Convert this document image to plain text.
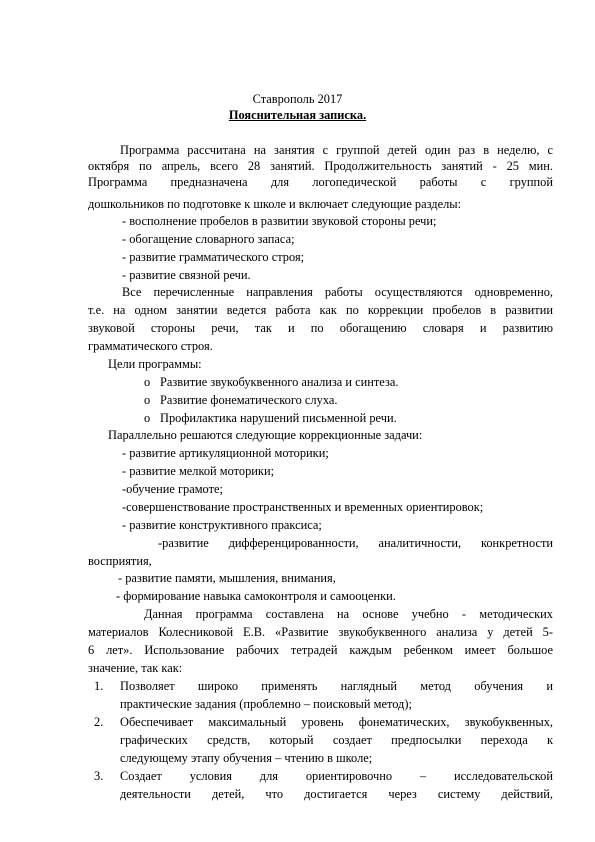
Ставрополь 2017
Пояснительная записка.
Программа рассчитана на занятия с группой детей один раз в неделю, с
октября по апрель, всего 28 занятий. Продолжительность занятий - 25 мин.
Программа предназначена для логопедической работы с группой
дошкольников по подготовке к школе и включает следующие разделы:
- восполнение пробелов в развитии звуковой стороны речи;
- обогащение словарного запаса;
- развитие грамматического строя;
- развитие связной речи.
Все перечисленные направления работы осуществляются одновременно,
т.е. на одном занятии ведется работа как по коррекции пробелов в развитии
звуковой стороны речи, так и по обогащению словаря и развитию
грамматического строя.
Цели программы:
o Развитие звукобуквенного анализа и синтеза.
o Развитие фонематического слуха.
o Профилактика нарушений письменной речи.
Параллельно решаются следующие коррекционные задачи:
- развитие артикуляционной моторики;
- развитие мелкой моторики;
-обучение грамоте;
-совершенствование пространственных и временных ориентировок;
- развитие конструктивного праксиса;
-развитие дифференцированности, аналитичности, конкретности
восприятия,
- развитие памяти, мышления, внимания,
- формирование навыка самоконтроля и самооценки.
Данная программа составлена на основе учебно - методических
материалов Колесниковой Е.В. «Развитие звукобуквенного анализа у детей 5-
6 лет». Использование рабочих тетрадей каждым ребенком имеет большое
значение, так как:
1. Позволяет широко применять наглядный метод обучения и
практические задания (проблемно – поисковый метод);
2. Обеспечивает максимальный уровень фонематических, звукобуквенных,
графических средств, который создает предпосылки перехода к
следующему этапу обучения – чтению в школе;
3. Создает условия для ориентировочно – исследовательской
деятельности детей, что достигается через систему действий,
